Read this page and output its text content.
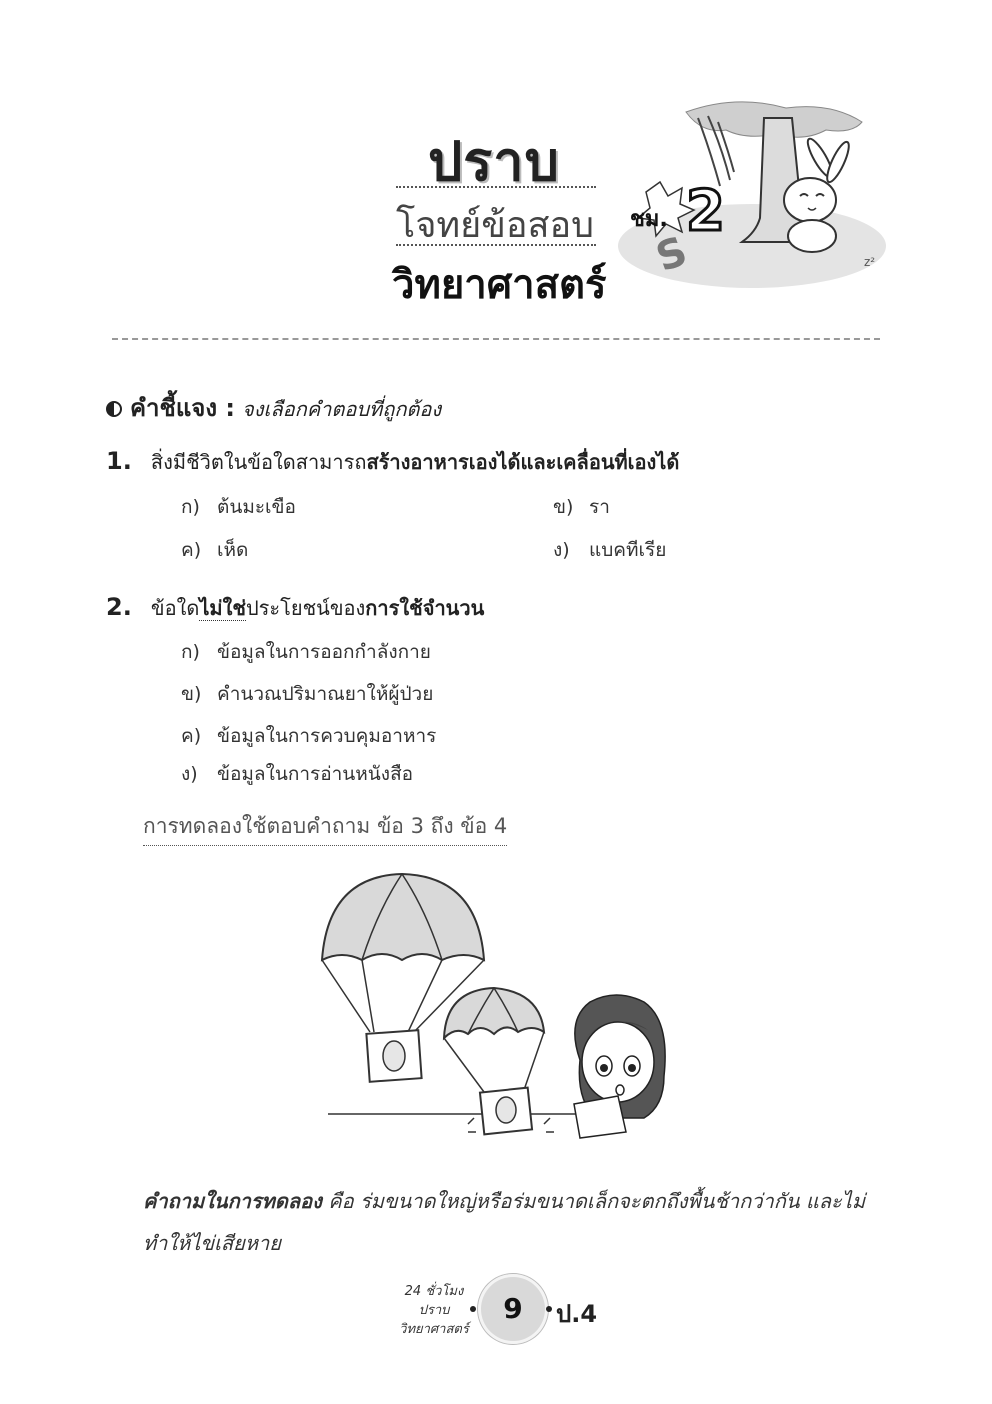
ปราบ
โจทย์ข้อสอบ
วิทยาศาสตร์	z²
ชม. 2
S
คำชี้แจง : จงเลือกคำตอบที่ถูกต้อง
1. สิ่งมีชีวิตในข้อใดสามารถสร้างอาหารเองได้และเคลื่อนที่เองได้
ก) ต้นมะเขือ	ข) รา
ค) เห็ด	ง) แบคทีเรีย
2. ข้อใดไม่ใช่ประโยชน์ของการใช้จำนวน
ก) ข้อมูลในการออกกำลังกาย
ข) คำนวณปริมาณยาให้ผู้ป่วย
ค) ข้อมูลในการควบคุมอาหาร
ง) ข้อมูลในการอ่านหนังสือ
การทดลองใช้ตอบคำถาม ข้อ 3 ถึง ข้อ 4
คำถามในการทดลอง คือ ร่มขนาดใหญ่หรือร่มขนาดเล็กจะตกถึงพื้นช้ากว่ากัน และไม่ทำให้ไข่เสียหาย
24 ชั่วโมง
ปราบ
วิทยาศาสตร์
9	ป.4
